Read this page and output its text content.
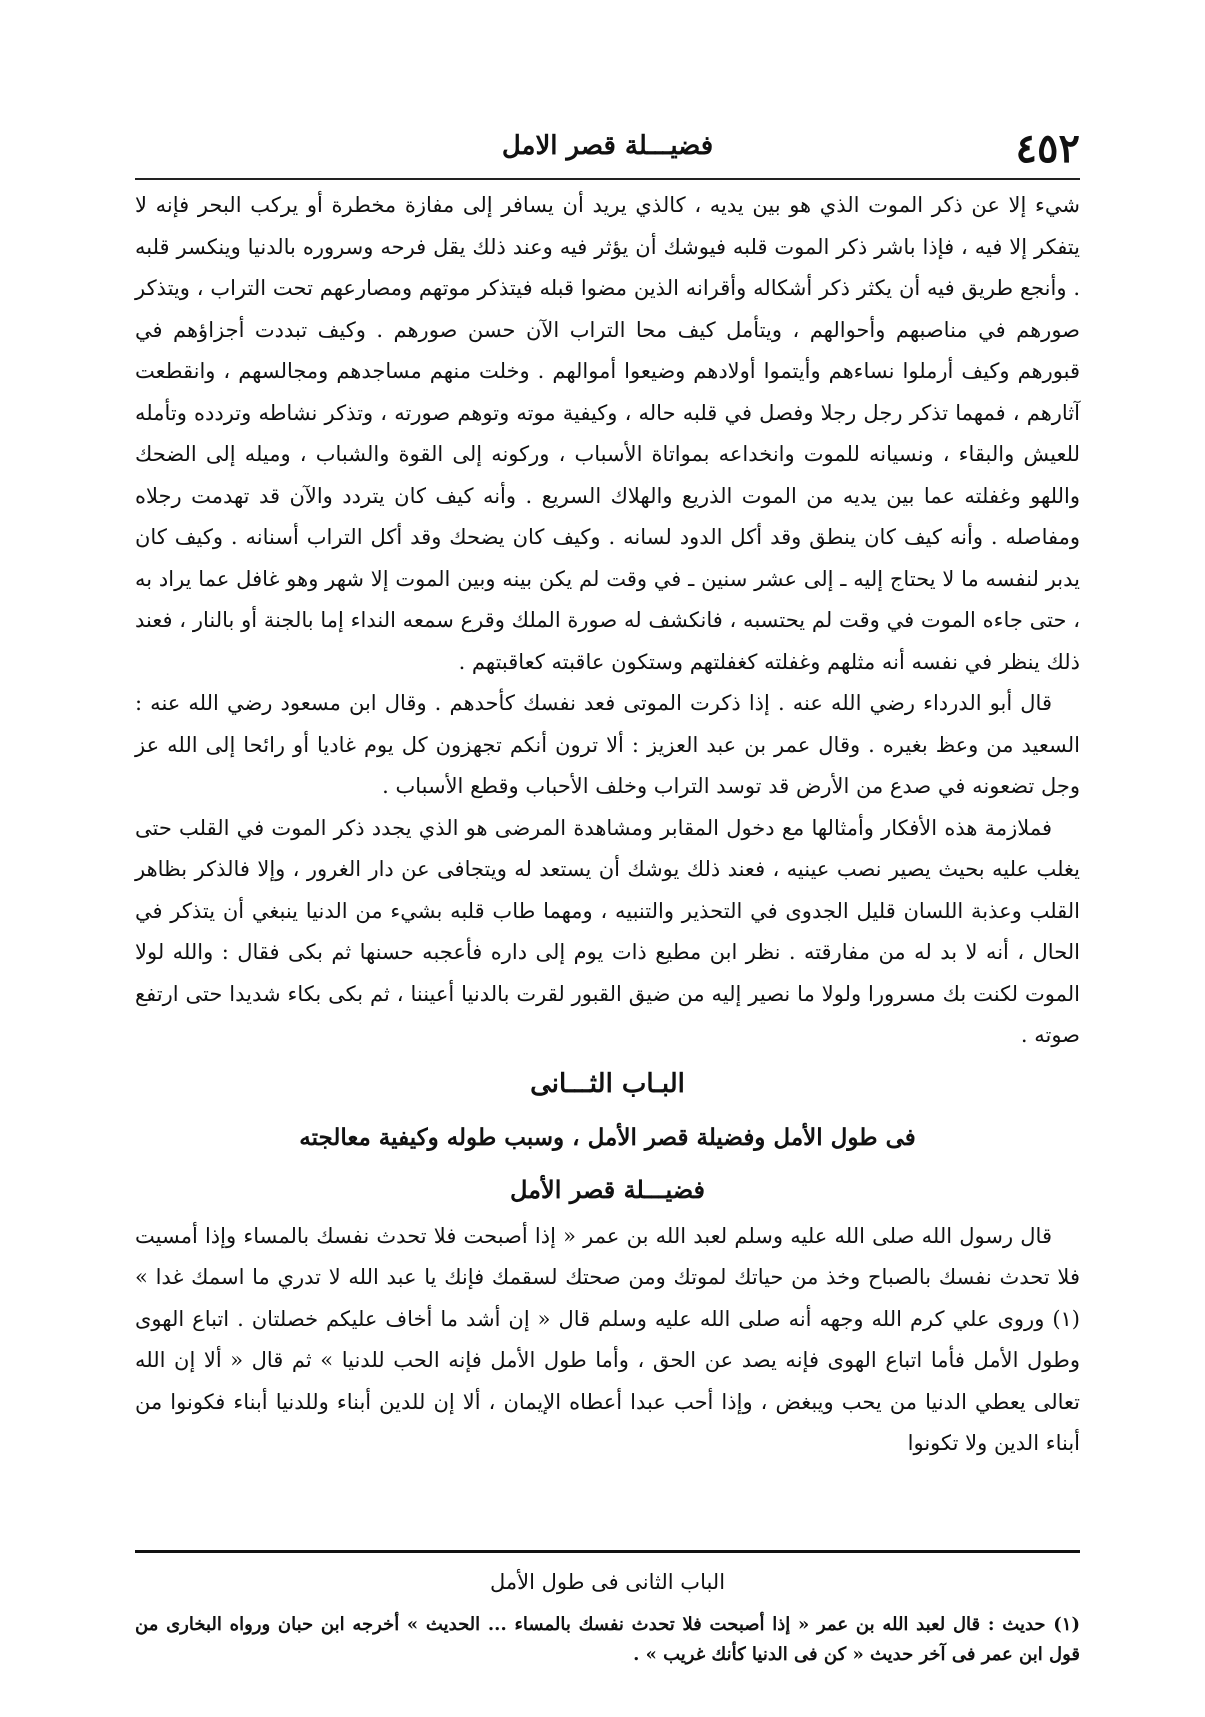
٤٥٢
فضيـــلة قصر الامل

شيء إلا عن ذكر الموت الذي هو بين يديه ، كالذي يريد أن يسافر إلى مفازة مخطرة أو يركب البحر فإنه لا يتفكر إلا فيه ، فإذا باشر ذكر الموت قلبه فيوشك أن يؤثر فيه وعند ذلك يقل فرحه وسروره بالدنيا وينكسر قلبه . وأنجع طريق فيه أن يكثر ذكر أشكاله وأقرانه الذين مضوا قبله فيتذكر موتهم ومصارعهم تحت التراب ، ويتذكر صورهم في مناصبهم وأحوالهم ، ويتأمل كيف محا التراب الآن حسن صورهم . وكيف تبددت أجزاؤهم في قبورهم وكيف أرملوا نساءهم وأيتموا أولادهم وضيعوا أموالهم . وخلت منهم مساجدهم ومجالسهم ، وانقطعت آثارهم ، فمهما تذكر رجل رجلا وفصل في قلبه حاله ، وكيفية موته وتوهم صورته ، وتذكر نشاطه وتردده وتأمله للعيش والبقاء ، ونسيانه للموت وانخداعه بمواتاة الأسباب ، وركونه إلى القوة والشباب ، وميله إلى الضحك واللهو وغفلته عما بين يديه من الموت الذريع والهلاك السريع . وأنه كيف كان يتردد والآن قد تهدمت رجلاه ومفاصله . وأنه كيف كان ينطق وقد أكل الدود لسانه . وكيف كان يضحك وقد أكل التراب أسنانه . وكيف كان يدبر لنفسه ما لا يحتاج إليه ـ إلى عشر سنين ـ في وقت لم يكن بينه وبين الموت إلا شهر وهو غافل عما يراد به ، حتى جاءه الموت في وقت لم يحتسبه ، فانكشف له صورة الملك وقرع سمعه النداء إما بالجنة أو بالنار ، فعند ذلك ينظر في نفسه أنه مثلهم وغفلته كغفلتهم وستكون عاقبته كعاقبتهم .

قال أبو الدرداء رضي الله عنه . إذا ذكرت الموتى فعد نفسك كأحدهم . وقال ابن مسعود رضي الله عنه : السعيد من وعظ بغيره . وقال عمر بن عبد العزيز : ألا ترون أنكم تجهزون كل يوم غاديا أو رائحا إلى الله عز وجل تضعونه في صدع من الأرض قد توسد التراب وخلف الأحباب وقطع الأسباب .

فملازمة هذه الأفكار وأمثالها مع دخول المقابر ومشاهدة المرضى هو الذي يجدد ذكر الموت في القلب حتى يغلب عليه بحيث يصير نصب عينيه ، فعند ذلك يوشك أن يستعد له ويتجافى عن دار الغرور ، وإلا فالذكر بظاهر القلب وعذبة اللسان قليل الجدوى في التحذير والتنبيه ، ومهما طاب قلبه بشيء من الدنيا ينبغي أن يتذكر في الحال ، أنه لا بد له من مفارقته . نظر ابن مطيع ذات يوم إلى داره فأعجبه حسنها ثم بكى فقال : والله لولا الموت لكنت بك مسرورا ولولا ما نصير إليه من ضيق القبور لقرت بالدنيا أعيننا ، ثم بكى بكاء شديدا حتى ارتفع صوته .

البـاب الثـــانى
فى طول الأمل وفضيلة قصر الأمل ، وسبب طوله وكيفية معالجته
فضيـــلة قصر الأمل

قال رسول الله صلى الله عليه وسلم لعبد الله بن عمر « إذا أصبحت فلا تحدث نفسك بالمساء وإذا أمسيت فلا تحدث نفسك بالصباح وخذ من حياتك لموتك ومن صحتك لسقمك فإنك يا عبد الله لا تدري ما اسمك غدا » (١) وروى علي كرم الله وجهه أنه صلى الله عليه وسلم قال « إن أشد ما أخاف عليكم خصلتان . اتباع الهوى وطول الأمل فأما اتباع الهوى فإنه يصد عن الحق ، وأما طول الأمل فإنه الحب للدنيا » ثم قال « ألا إن الله تعالى يعطي الدنيا من يحب ويبغض ، وإذا أحب عبدا أعطاه الإيمان ، ألا إن للدين أبناء وللدنيا أبناء فكونوا من أبناء الدين ولا تكونوا

الباب الثانى فى طول الأمل
(١) حديث : قال لعبد الله بن عمر « إذا أصبحت فلا تحدث نفسك بالمساء ... الحديث » أخرجه ابن حبان ورواه البخارى من قول ابن عمر فى آخر حديث « كن فى الدنيا كأنك غريب » .
